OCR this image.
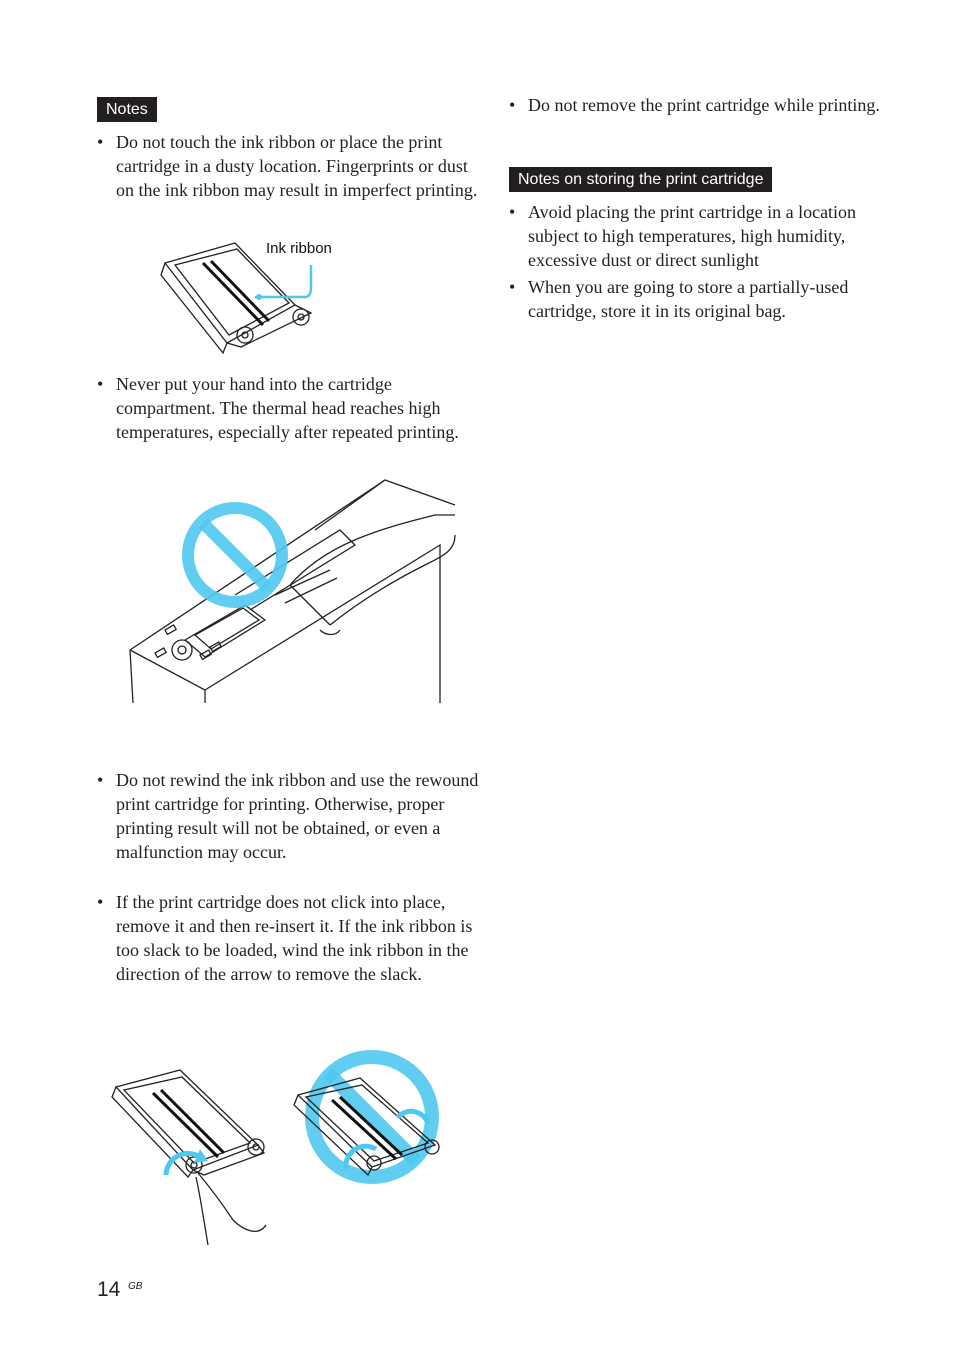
Notes
• Do not touch the ink ribbon or place the print cartridge in a dusty location. Fingerprints or dust on the ink ribbon may result in imperfect printing.
Ink ribbon
• Never put your hand into the cartridge compartment. The thermal head reaches high temperatures, especially after repeated printing.
• Do not rewind the ink ribbon and use the rewound print cartridge for printing. Otherwise, proper printing result will not be obtained, or even a malfunction may occur.
• If the print cartridge does not click into place, remove it and then re-insert it. If the ink ribbon is too slack to be loaded, wind the ink ribbon in the direction of the arrow to remove the slack.
• Do not remove the print cartridge while printing.
Notes on storing the print cartridge
• Avoid placing the print cartridge in a location subject to high temperatures, high humidity, excessive dust or direct sunlight
• When you are going to store a partially-used cartridge, store it in its original bag.
14 GB
